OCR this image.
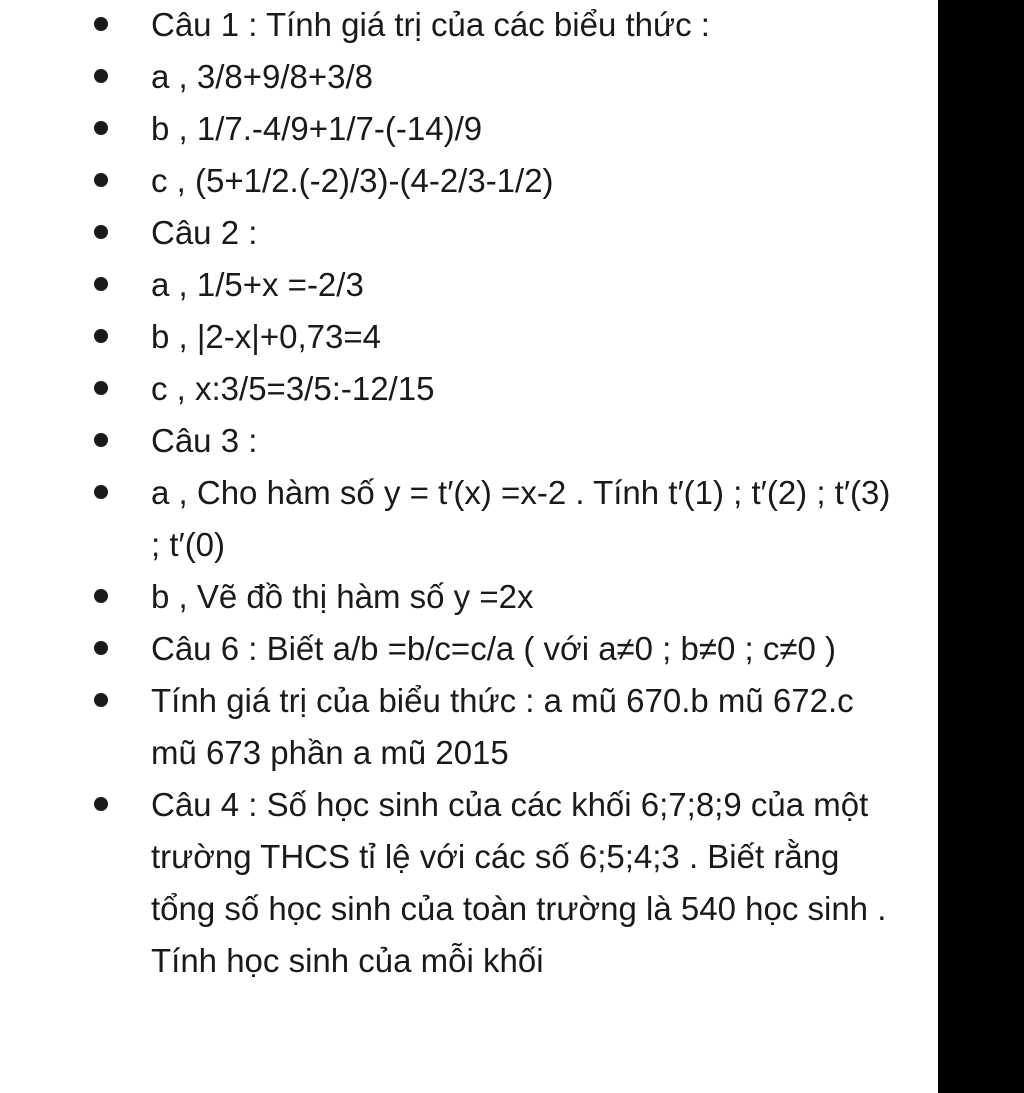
Câu 1 : Tính giá trị của các biểu thức :
a , 3/8+9/8+3/8
b , 1/7.-4/9+1/7-(-14)/9
c , (5+1/2.(-2)/3)-(4-2/3-1/2)
Câu 2 :
a , 1/5+x =-2/3
b , |2-x|+0,73=4
c , x:3/5=3/5:-12/15
Câu 3 :
a , Cho hàm số y = t′(x) =x-2 . Tính t′(1) ; t′(2) ; t′(3) ; t′(0)
b , Vẽ đồ thị hàm số y =2x
Câu 6 : Biết a/b =b/c=c/a ( với a≠0 ; b≠0 ; c≠0 )
Tính giá trị của biểu thức : a mũ 670.b mũ 672.c mũ 673 phần a mũ 2015
Câu 4 : Số học sinh của các khối 6;7;8;9 của một trường THCS tỉ lệ với các số 6;5;4;3 . Biết rằng tổng số học sinh của toàn trường là 540 học sinh . Tính học sinh của mỗi khối
